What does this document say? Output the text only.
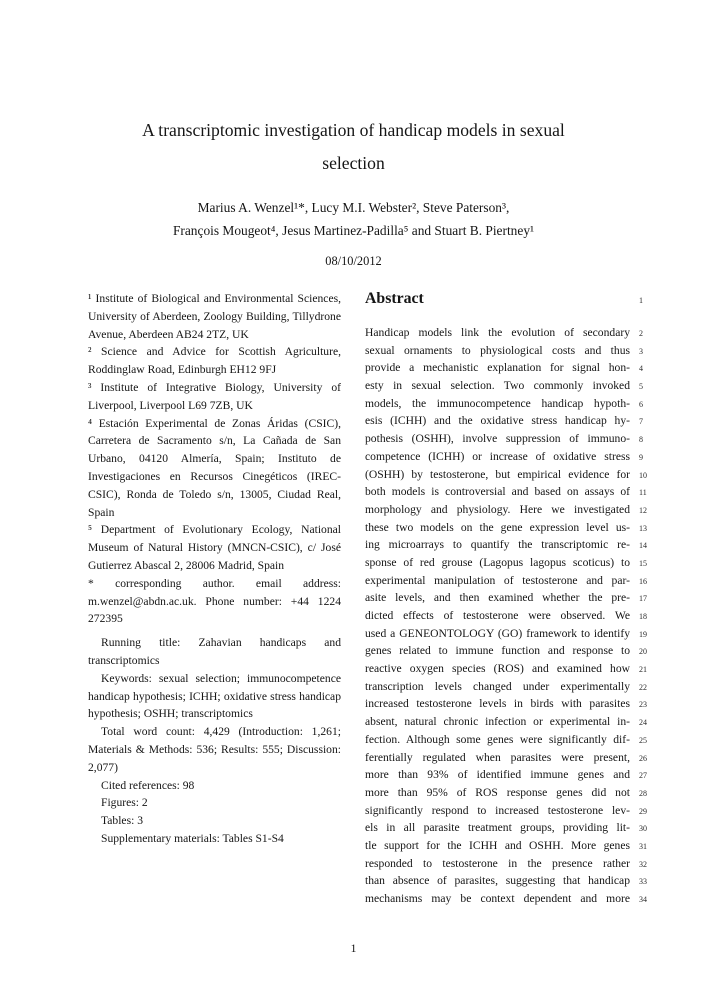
A transcriptomic investigation of handicap models in sexual
selection
Marius A. Wenzel¹*, Lucy M.I. Webster², Steve Paterson³,
François Mougeot⁴, Jesus Martinez-Padilla⁵ and Stuart B. Piertney¹
08/10/2012

¹ Institute of Biological and Environmental Sciences, University of Aberdeen, Zoology Building, Tillydrone Avenue, Aberdeen AB24 2TZ, UK

² Science and Advice for Scottish Agriculture, Roddinglaw Road, Edinburgh EH12 9FJ

³ Institute of Integrative Biology, University of Liverpool, Liverpool L69 7ZB, UK

⁴ Estación Experimental de Zonas Áridas (CSIC), Carretera de Sacramento s/n, La Cañada de San Urbano, 04120 Almería, Spain; Instituto de Investigaciones en Recursos Cinegéticos (IREC-CSIC), Ronda de Toledo s/n, 13005, Ciudad Real, Spain

⁵ Department of Evolutionary Ecology, National Museum of Natural History (MNCN-CSIC), c/ José Gutierrez Abascal 2, 28006 Madrid, Spain

* corresponding author. email address: m.wenzel@abdn.ac.uk. Phone number: +44 1224 272395

Running title: Zahavian handicaps and transcriptomics

Keywords: sexual selection; immunocompetence handicap hypothesis; ICHH; oxidative stress handicap hypothesis; OSHH; transcriptomics

Total word count: 4,429 (Introduction: 1,261; Materials & Methods: 536; Results: 555; Discussion: 2,077)

Cited references: 98

Figures: 2

Tables: 3

Supplementary materials: Tables S1-S4

Abstract	1
Handicap models link the evolution of secondary 2
sexual ornaments to physiological costs and thus 3
provide a mechanistic explanation for signal hon- 4
esty in sexual selection. Two commonly invoked 5
models, the immunocompetence handicap hypoth- 6
esis (ICHH) and the oxidative stress handicap hy- 7
pothesis (OSHH), involve suppression of immuno- 8
competence (ICHH) or increase of oxidative stress 9
(OSHH) by testosterone, but empirical evidence for 10
both models is controversial and based on assays of 11
morphology and physiology. Here we investigated 12
these two models on the gene expression level us- 13
ing microarrays to quantify the transcriptomic re- 14
sponse of red grouse (Lagopus lagopus scoticus) to 15
experimental manipulation of testosterone and par- 16
asite levels, and then examined whether the pre- 17
dicted effects of testosterone were observed. We 18
used a GENEONTOLOGY (GO) framework to identify 19
genes related to immune function and response to 20
reactive oxygen species (ROS) and examined how 21
transcription levels changed under experimentally 22
increased testosterone levels in birds with parasites 23
absent, natural chronic infection or experimental in- 24
fection. Although some genes were significantly dif- 25
ferentially regulated when parasites were present, 26
more than 93% of identified immune genes and 27
more than 95% of ROS response genes did not 28
significantly respond to increased testosterone lev- 29
els in all parasite treatment groups, providing lit- 30
tle support for the ICHH and OSHH. More genes 31
responded to testosterone in the presence rather 32
than absence of parasites, suggesting that handicap 33
mechanisms may be context dependent and more 34
1
